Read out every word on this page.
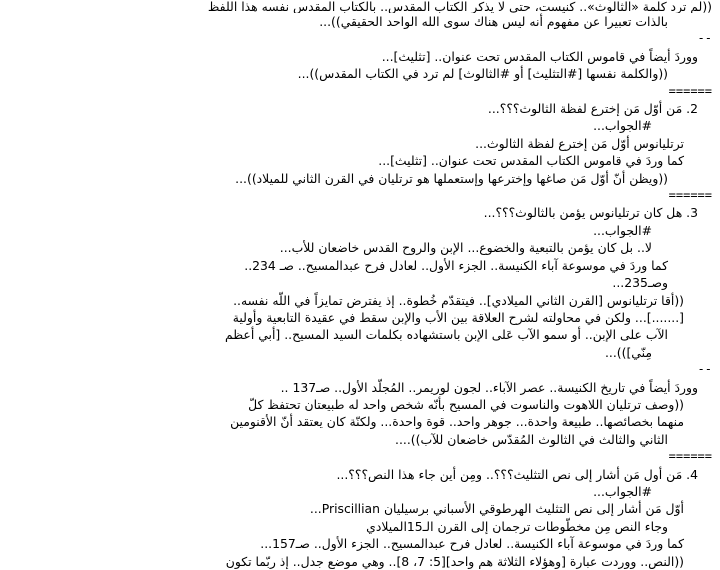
((لم ترد كلمة «الثالوث».. كنيست، حتى لا يذكر الكتاب المقدس.. بالكتاب المقدس نفسه هذا اللفظ
بالذات تعبيرا عن مفهوم أنه ليس هناك سوى الله الواحد الحقيقي))...
--
ووردَ أيضاً في قاموس الكتاب المقدس تحت عنوان.. [تثليث]...
((والكلمة نفسها [#التثليث] أو #الثالوث] لم ترد في الكتاب المقدس))...
======
2. مَن أوّل مَن إخترع لفظة الثالوث؟؟؟...
#الجواب...
ترتليانوس أوّل مَن إخترع لفظة الثالوث...
كما وردَ في قاموس الكتاب المقدس تحت عنوان.. [تثليث]...
((ويظن أنّ أوّل مَن صاغها وإخترعها وإستعملها هو ترتليان في القرن الثاني للميلاد))...
======
3. هل كان ترتليانوس يؤمن بالثالوث؟؟؟...
#الجواب...
لا.. بل كان يؤمن بالتبعية والخضوع... الإبن والروح القدس خاضعان للأب...
كما وردَ في موسوعة آباء الكنيسة.. الجزء الأول.. لعادل فرح عبدالمسيح.. صـ 234..
وصـ235...
((أقا ترتليانوس [القرن الثاني الميلادي].. فيتقدّم خُطوة.. إذ يفترض تمايزاً في اللّه نفسه..
[.......]... ولكن في محاولته لشرح العلاقة بين الأب والإبن سقط في عقيدة التابعية وأولية
الآب على الإبن.. أو سمو الآب عَلى الإبن باستشهاده بكلمات السيد المسيح.. [أبي أعظم
مِنّي]))...
--
ووردَ أيضاً في تاريخ الكنيسة.. عصر الآباء.. لجون لوريمر.. المُجلّد الأول.. صـ137 ..
((وصف ترتليان اللاهوت والناسوت في المسيح بأنّه شخص واحد له طبيعتان تحتفظ كلّ
منهما بخصائصها.. طبيعة واحدة... جوهر واحد.. قوة واحدة... ولكنّة كان يعتقد أنّ الأقنومين
الثاني والثالث في الثالوث المُقدّس خاضعان للآب))....
======
4. مَن أول مَن أشار إلى نص التثليث؟؟؟.. ومِن أين جاء هذا النص؟؟؟...
#الجواب...
أوّل مَن أشار إلى نص التثليث الهرطوقي الأسباني برسيليان Priscillian...
وجاء النص مِن مخطّوطات ترجمان إلى القرن الـ15الميلادي
كما وردَ في موسوعة آباء الكنيسة.. لعادل فرح عبدالمسيح.. الجزء الأول.. صـ157...
((النص.. ووردت عبارة [وهؤلاء الثلاثة هم واحد][5: 7، 8].. وهي موضع جدل.. إذ ربّما تكون
